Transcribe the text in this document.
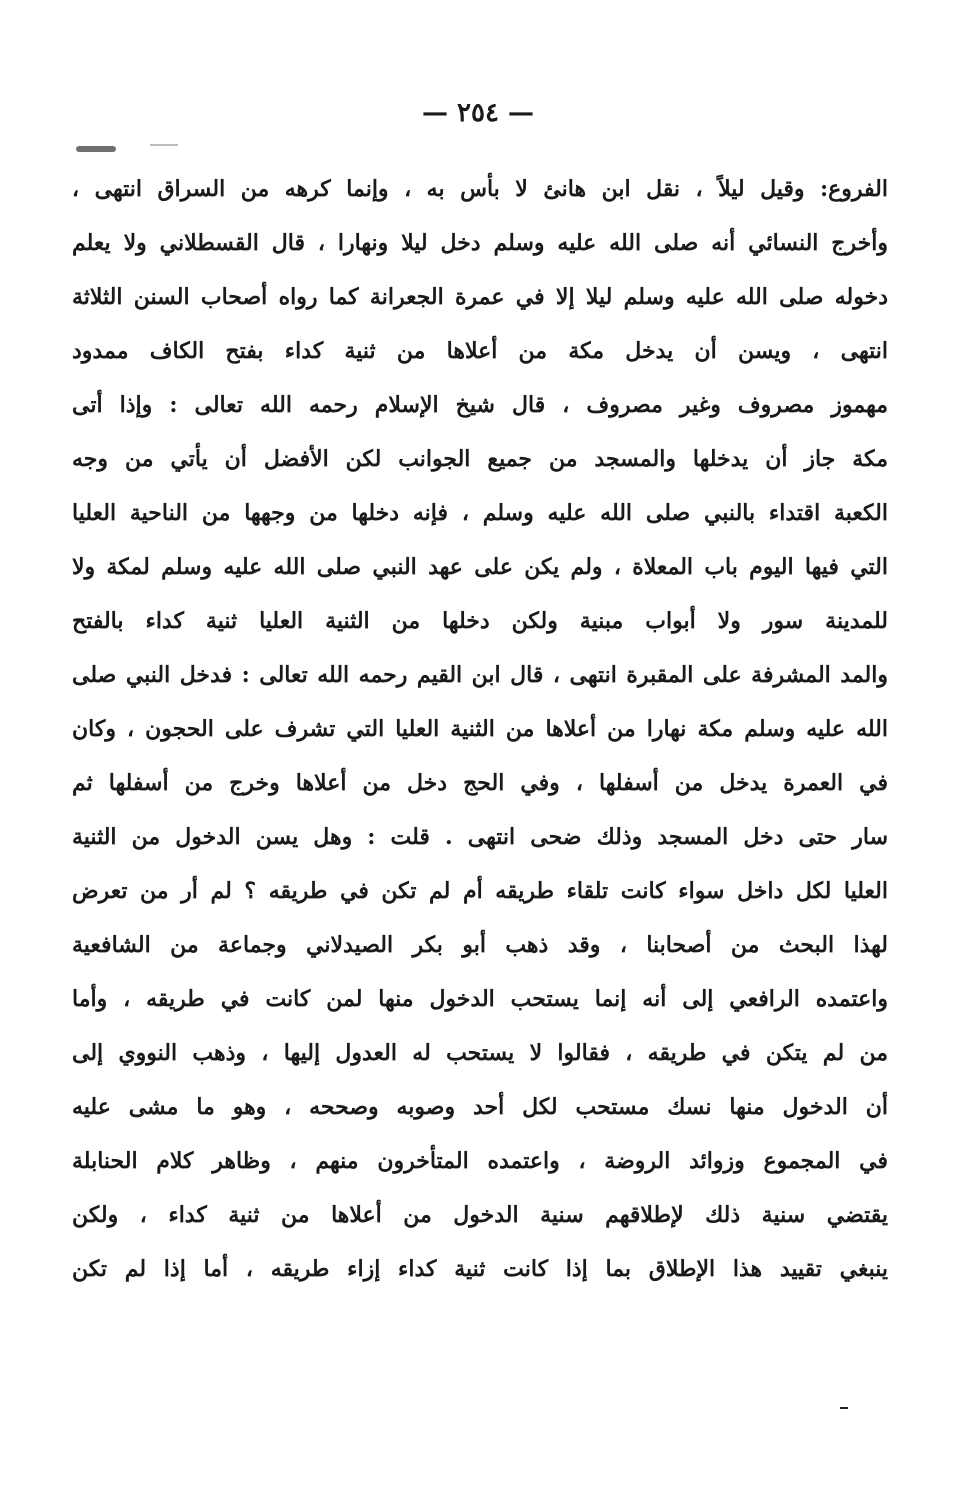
— ٢٥٤ —
الفروع: وقيل ليلاً ، نقل ابن هانئ لا بأس به ، وإنما كرهه من السراق انتهى ،
وأخرج النسائي أنه صلى الله عليه وسلم دخل ليلا ونهارا ، قال القسطلاني ولا يعلم
دخوله صلى الله عليه وسلم ليلا إلا في عمرة الجعرانة كما رواه أصحاب السنن الثلاثة
انتهى ، ويسن أن يدخل مكة من أعلاها من ثنية كداء بفتح الكاف ممدود
مهموز مصروف وغير مصروف ، قال شيخ الإسلام رحمه الله تعالى : وإذا أتى
مكة جاز أن يدخلها والمسجد من جميع الجوانب لكن الأفضل أن يأتي من وجه
الكعبة اقتداء بالنبي صلى الله عليه وسلم ، فإنه دخلها من وجهها من الناحية العليا
التي فيها اليوم باب المعلاة ، ولم يكن على عهد النبي صلى الله عليه وسلم لمكة ولا
للمدينة سور ولا أبواب مبنية ولكن دخلها من الثنية العليا ثنية كداء بالفتح
والمد المشرفة على المقبرة انتهى ، قال ابن القيم رحمه الله تعالى : فدخل النبي صلى
الله عليه وسلم مكة نهارا من أعلاها من الثنية العليا التي تشرف على الحجون ، وكان
في العمرة يدخل من أسفلها ، وفي الحج دخل من أعلاها وخرج من أسفلها ثم
سار حتى دخل المسجد وذلك ضحى انتهى . قلت : وهل يسن الدخول من الثنية
العليا لكل داخل سواء كانت تلقاء طريقه أم لم تكن في طريقه ؟ لم أر من تعرض
لهذا البحث من أصحابنا ، وقد ذهب أبو بكر الصيدلاني وجماعة من الشافعية
واعتمده الرافعي إلى أنه إنما يستحب الدخول منها لمن كانت في طريقه ، وأما
من لم يتكن في طريقه ، فقالوا لا يستحب له العدول إليها ، وذهب النووي إلى
أن الدخول منها نسك مستحب لكل أحد وصوبه وصححه ، وهو ما مشى عليه
في المجموع وزوائد الروضة ، واعتمده المتأخرون منهم ، وظاهر كلام الحنابلة
يقتضي سنية ذلك لإطلاقهم سنية الدخول من أعلاها من ثنية كداء ، ولكن
ينبغي تقييد هذا الإطلاق بما إذا كانت ثنية كداء إزاء طريقه ، أما إذا لم تكن
